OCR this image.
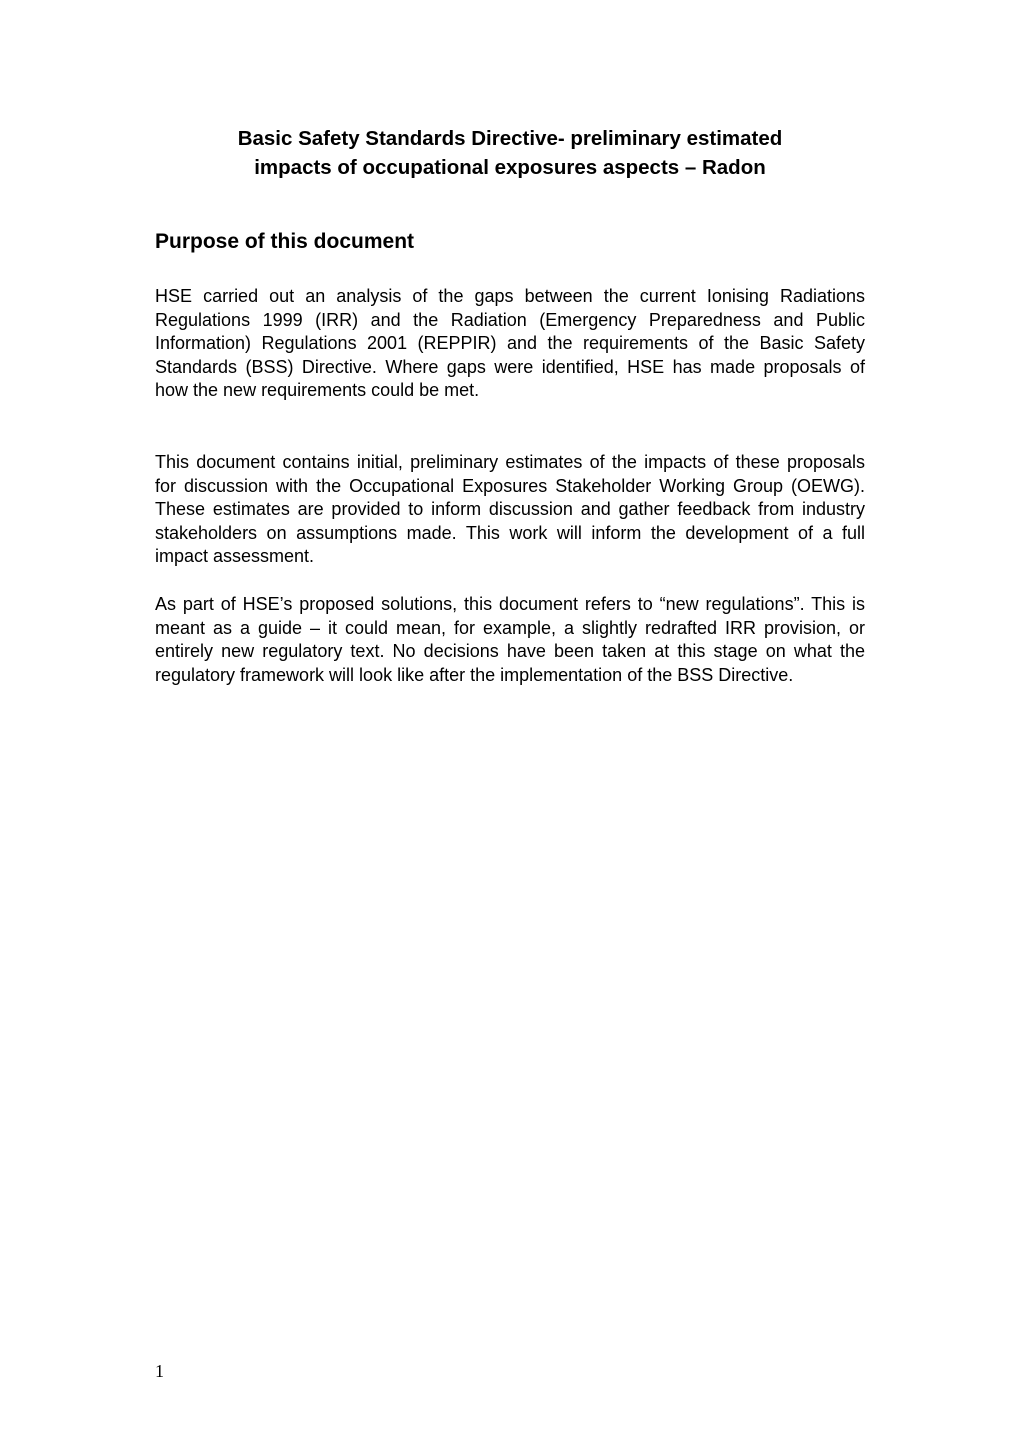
Basic Safety Standards Directive- preliminary estimated
impacts of occupational exposures aspects – Radon
Purpose of this document

HSE carried out an analysis of the gaps between the current Ionising Radiations Regulations 1999 (IRR) and the Radiation (Emergency Preparedness and Public Information) Regulations 2001 (REPPIR) and the requirements of the Basic Safety Standards (BSS) Directive. Where gaps were identified, HSE has made proposals of how the new requirements could be met.

This document contains initial, preliminary estimates of the impacts of these proposals for discussion with the Occupational Exposures Stakeholder Working Group (OEWG). These estimates are provided to inform discussion and gather feedback from industry stakeholders on assumptions made. This work will inform the development of a full impact assessment.

As part of HSE’s proposed solutions, this document refers to “new regulations”. This is meant as a guide – it could mean, for example, a slightly redrafted IRR provision, or entirely new regulatory text. No decisions have been taken at this stage on what the regulatory framework will look like after the implementation of the BSS Directive.

1
